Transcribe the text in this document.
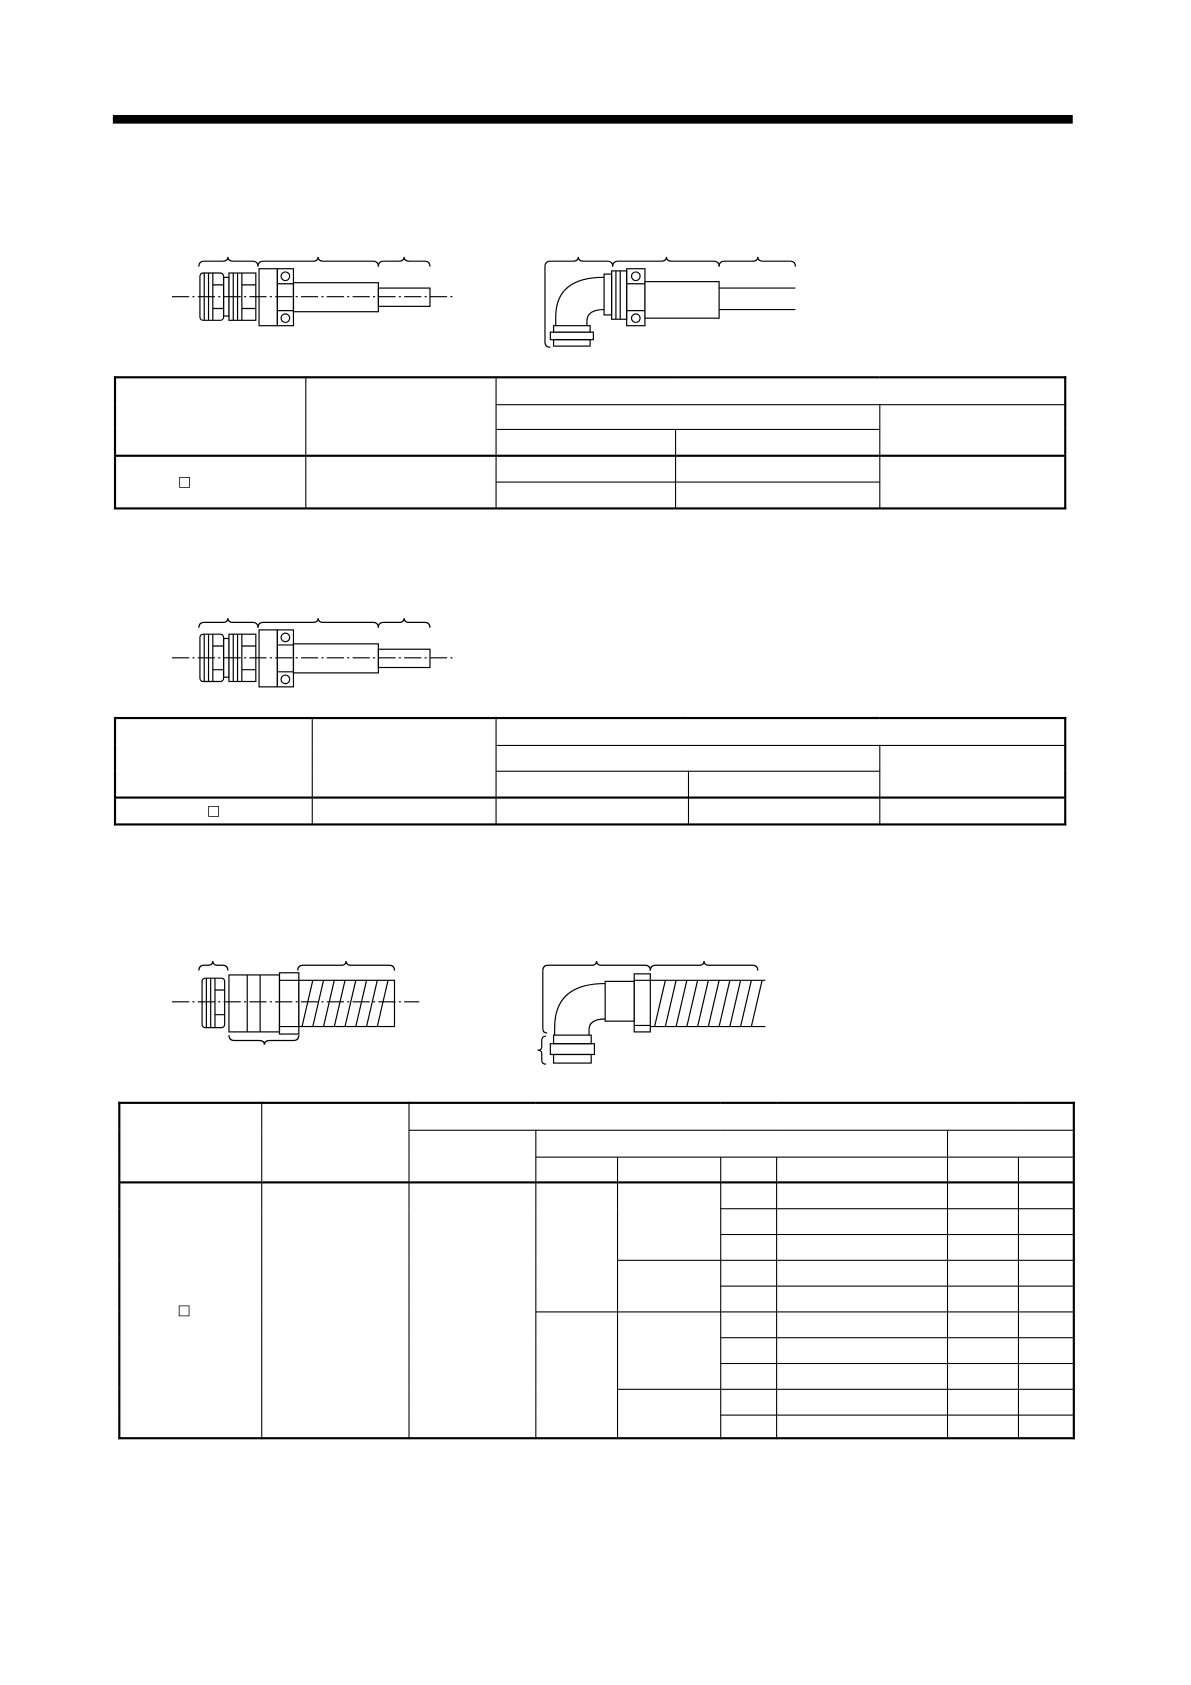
□				

□				

□								
